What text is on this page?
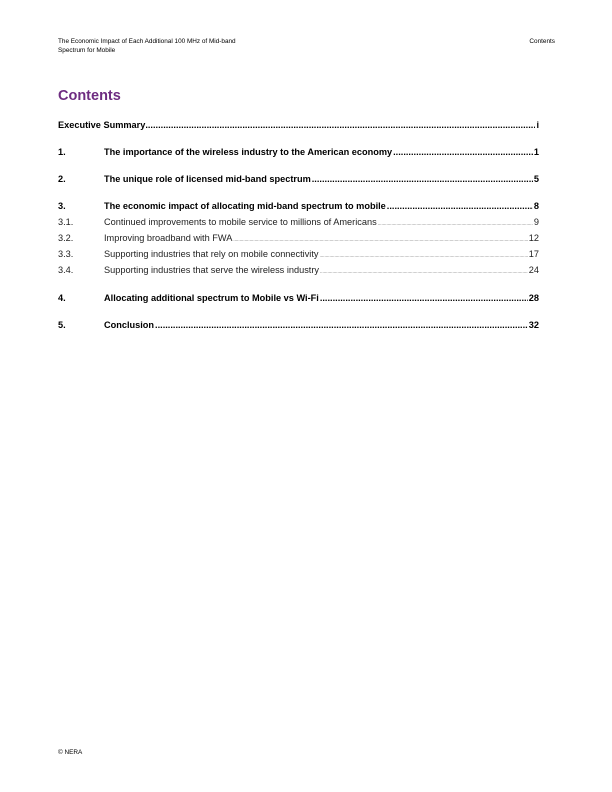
The Economic Impact of Each Additional 100 MHz of Mid-band
Spectrum for Mobile
Contents
Contents
Executive Summary .....	i
1.	The importance of the wireless industry to the American economy .....	1
2.	The unique role of licensed mid-band spectrum .....	5
3.	The economic impact of allocating mid-band spectrum to mobile .....	8
3.1.	Continued improvements to mobile service to millions of Americans .....	9
3.2.	Improving broadband with FWA .....	12
3.3.	Supporting industries that rely on mobile connectivity .....	17
3.4.	Supporting industries that serve the wireless industry .....	24
4.	Allocating additional spectrum to Mobile vs Wi-Fi .....	28
5.	Conclusion .....	32
© NERA
